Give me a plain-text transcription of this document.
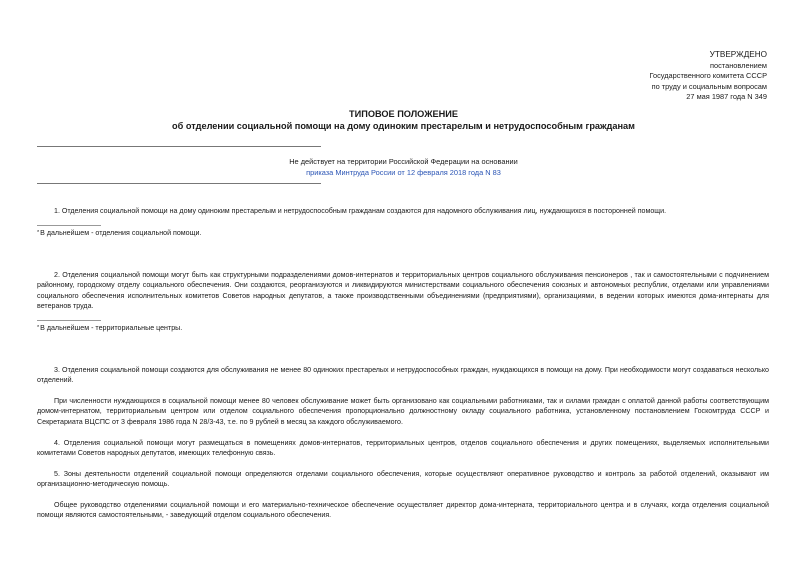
УТВЕРЖДЕНО
постановлением
Государственного комитета СССР
по труду и социальным вопросам
27 мая 1987 года N 349
ТИПОВОЕ ПОЛОЖЕНИЕ
об отделении социальной помощи на дому одиноким престарелым и нетрудоспособным гражданам
Не действует на территории Российской Федерации на основании
приказа Минтруда России от 12 февраля 2018 года N 83

1. Отделения социальной помощи на дому одиноким престарелым и нетрудоспособным гражданам создаются для надомного обслуживания лиц, нуждающихся в посторонней помощи.

*В дальнейшем - отделения социальной помощи.

2. Отделения социальной помощи могут быть как структурными подразделениями домов-интернатов и территориальных центров социального обслуживания пенсионеров , так и самостоятельными с подчинением районному, городскому отделу социального обеспечения. Они создаются, реорганизуются и ликвидируются министерствами социального обеспечения союзных и автономных республик, отделами или управлениями социального обеспечения исполнительных комитетов Советов народных депутатов, а также производственными объединениями (предприятиями), организациями, в ведении которых имеются дома-интернаты для ветеранов труда.

*В дальнейшем - территориальные центры.

3. Отделения социальной помощи создаются для обслуживания не менее 80 одиноких престарелых и нетрудоспособных граждан, нуждающихся в помощи на дому. При необходимости могут создаваться несколько отделений.

При численности нуждающихся в социальной помощи менее 80 человек обслуживание может быть организовано как социальными работниками, так и силами граждан с оплатой данной работы соответствующим домом-интернатом, территориальным центром или отделом социального обеспечения пропорционально должностному окладу социального работника, установленному постановлением Госкомтруда СССР и Секретариата ВЦСПС от 3 февраля 1986 года N 28/3-43, т.е. по 9 рублей в месяц за каждого обслуживаемого.

4. Отделения социальной помощи могут размещаться в помещениях домов-интернатов, территориальных центров, отделов социального обеспечения и других помещениях, выделяемых исполнительными комитетами Советов народных депутатов, имеющих телефонную связь.

5. Зоны деятельности отделений социальной помощи определяются отделами социального обеспечения, которые осуществляют оперативное руководство и контроль за работой отделений, оказывают им организационно-методическую помощь.

Общее руководство отделениями социальной помощи и его материально-техническое обеспечение осуществляет директор дома-интерната, территориального центра и в случаях, когда отделения социальной помощи являются самостоятельными, - заведующий отделом социального обеспечения.
